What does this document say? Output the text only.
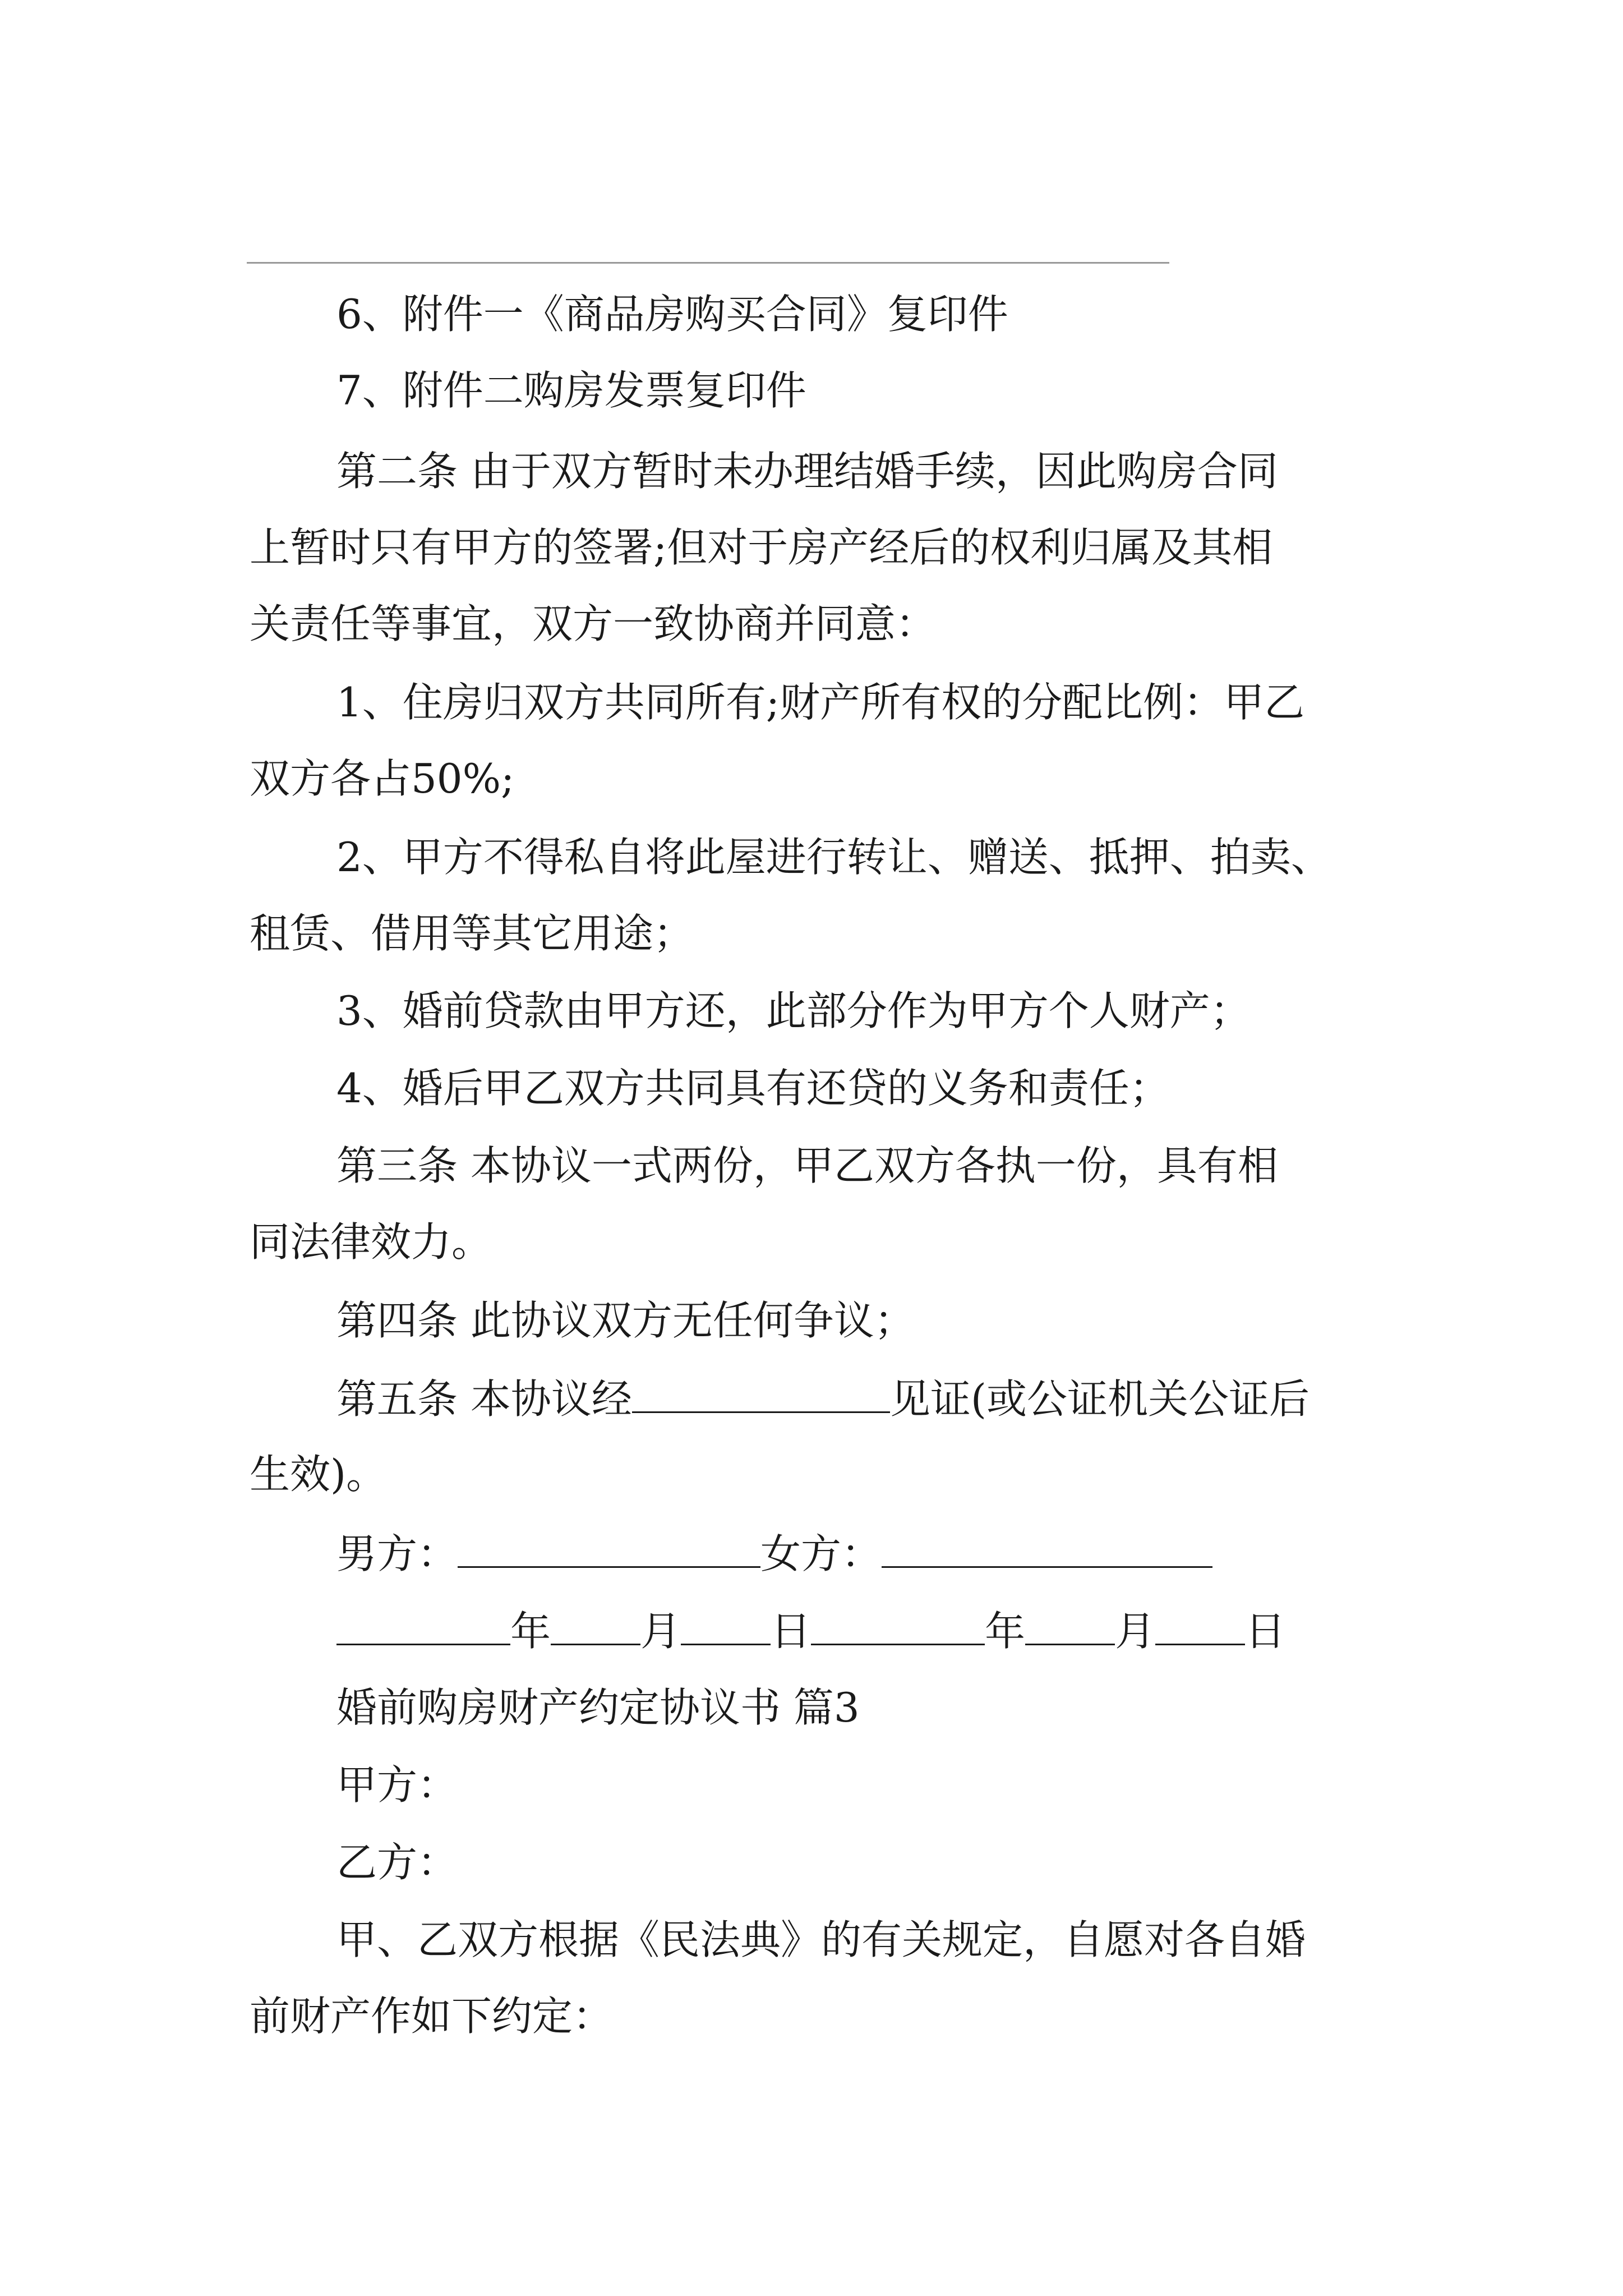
6、附件一《商品房购买合同》复印件
7、附件二购房发票复印件
第二条 由于双方暂时未办理结婚手续，因此购房合同
上暂时只有甲方的签署;但对于房产经后的权利归属及其相
关责任等事宜，双方一致协商并同意：
1、住房归双方共同所有;财产所有权的分配比例：甲乙
双方各占50%;
2、甲方不得私自将此屋进行转让、赠送、抵押、拍卖、
租赁、借用等其它用途；
3、婚前贷款由甲方还，此部分作为甲方个人财产；
4、婚后甲乙双方共同具有还贷的义务和责任；
第三条 本协议一式两份，甲乙双方各执一份，具有相
同法律效力。
第四条 此协议双方无任何争议；
第五条 本协议经	见证(或公证机关公证后
生效)。
男方：	女方：
年 月 日	年 月 日
婚前购房财产约定协议书 篇3
甲方：
乙方：
甲、乙双方根据《民法典》的有关规定，自愿对各自婚
前财产作如下约定：
